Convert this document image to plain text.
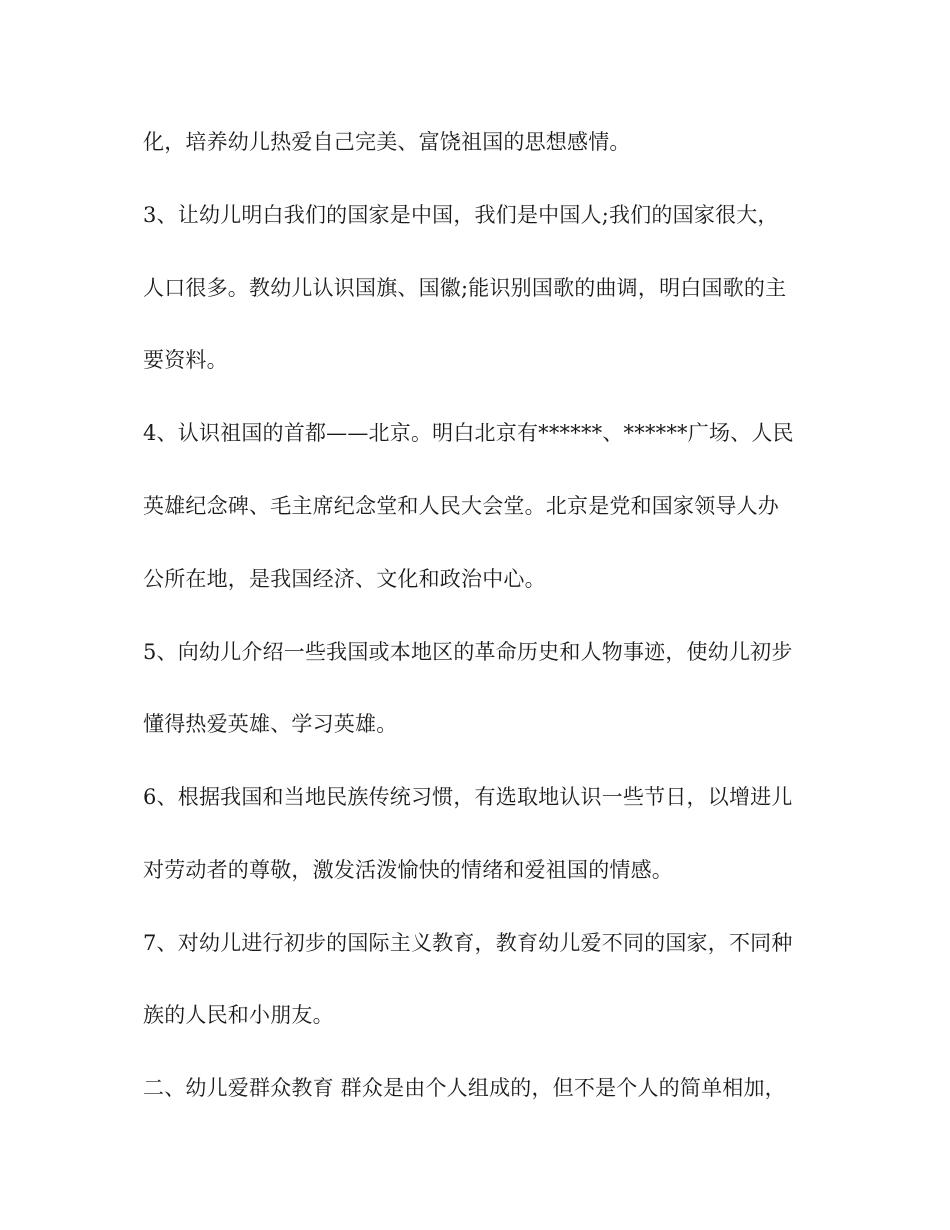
化，培养幼儿热爱自己完美、富饶祖国的思想感情。
3、让幼儿明白我们的国家是中国，我们是中国人;我们的国家很大，
人口很多。教幼儿认识国旗、国徽;能识别国歌的曲调，明白国歌的主
要资料。
4、认识祖国的首都——北京。明白北京有******、******广场、人民
英雄纪念碑、毛主席纪念堂和人民大会堂。北京是党和国家领导人办
公所在地，是我国经济、文化和政治中心。
5、向幼儿介绍一些我国或本地区的革命历史和人物事迹，使幼儿初步
懂得热爱英雄、学习英雄。
6、根据我国和当地民族传统习惯，有选取地认识一些节日，以增进儿
对劳动者的尊敬，激发活泼愉快的情绪和爱祖国的情感。
7、对幼儿进行初步的国际主义教育，教育幼儿爱不同的国家，不同种
族的人民和小朋友。
二、幼儿爱群众教育 群众是由个人组成的，但不是个人的简单相加，
